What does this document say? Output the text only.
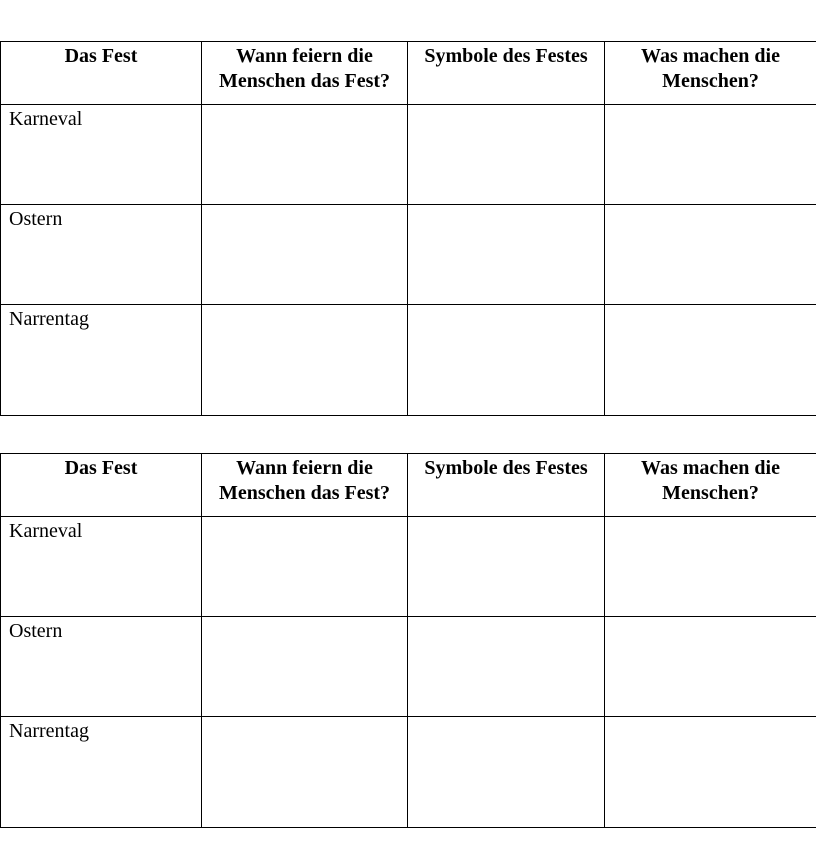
Das Fest	Wann feiern die Menschen das Fest?	Symbole des Festes	Was machen die Menschen?
Karneval			
Ostern			
Narrentag			
Das Fest	Wann feiern die Menschen das Fest?	Symbole des Festes	Was machen die Menschen?
Karneval			
Ostern			
Narrentag			
